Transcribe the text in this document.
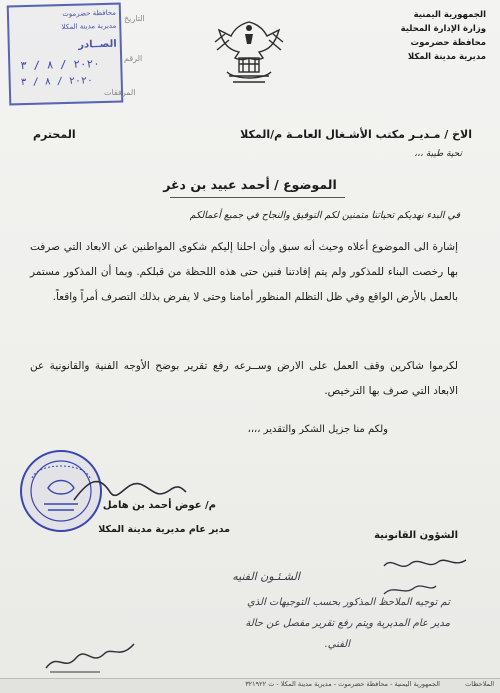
الجمهورية اليمنية
وزارة الإدارة المحلية
محافظة حضرموت
مديرية مدينة المكلا
محافظة حضرموت
مديرية مدينة المكلا
الصــادر
٢٠٢٠ / ٨ / ٣
٢٠٢٠ / ٨ / ٣
التاريخ
الرقم
المرفقات
الاخ / مـديـر مكتب الأشـغال العامـة م/المكلا
المحترم
تحية طيبة ،،،
الموضوع / أحمد عبيد بن دغر
في البدء نهديكم تحياتنا متمنين لكم التوفيق والنجاح في جميع أعمالكم
إشارة الى الموضوع أعلاه وحيث أنه سبق وأن احلنا إليكم شكوى المواطنين عن الابعاد التي صرفت بها رخصت البناء للمذكور ولم يتم إفادتنا فنين حتى هذه اللحظة من قبلكم. وبما أن المذكور مستمر بالعمل بالأرض الواقع وفي ظل التظلم المنظور أمامنا وحتى لا يفرض بذلك التصرف أمراً واقعاً.
لكرموا شاكرين وقف العمل على الارض وســرعه رفع تقرير بوضح الأوجه الفنية والقانونية عن الابعاد التي صرف بها الترخيص.
ولكم منا جزيل الشكر والتقدير ،،،،
م/ عوض أحمد بن هامل
مدير عام مديرية مدينة المكلا
الشؤون القانونية
الشـئـون الفنيه
تم توجيه الملاحظ المذكور بحسب التوجيهات الذي
مدير عام المديرية ويتم رفع تقرير مفصل عن حالة
الفني.
الجمهورية اليمنية - محافظة حضرموت - مديرية مدينة المكلا - ت ٣٢١٩٢٢	الملاحظات
